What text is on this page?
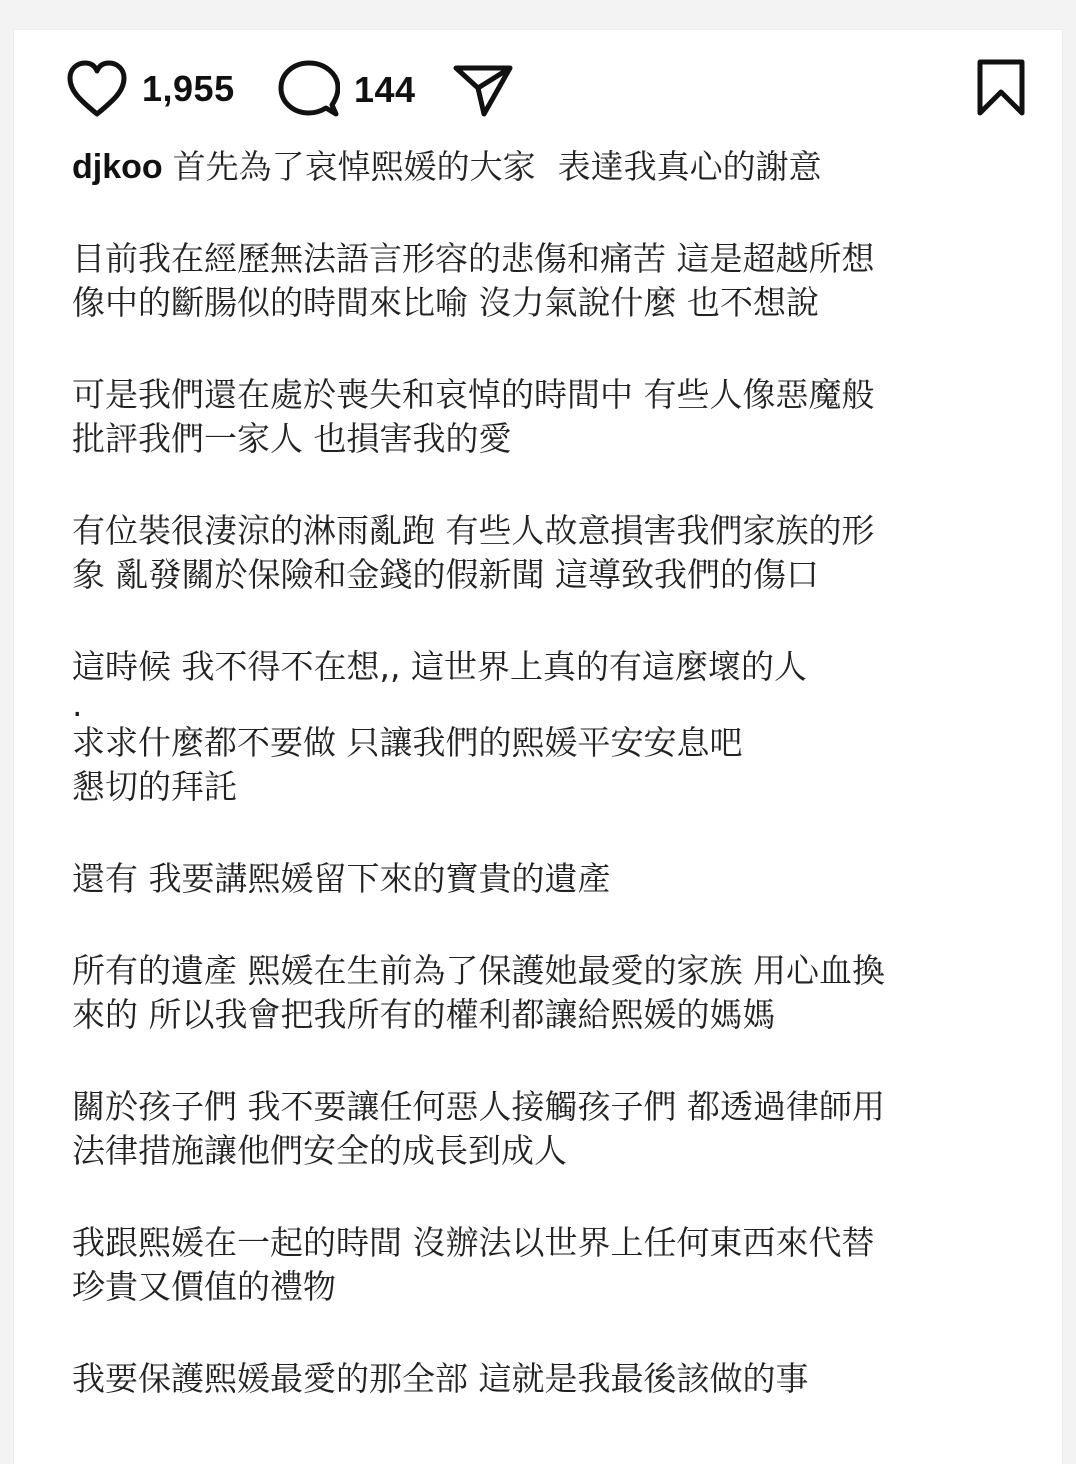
1,955	144

djkoo 首先為了哀悼熙媛的大家 表達我真心的謝意

目前我在經歷無法語言形容的悲傷和痛苦 這是超越所想
像中的斷腸似的時間來比喻 沒力氣說什麼 也不想說

可是我們還在處於喪失和哀悼的時間中 有些人像惡魔般
批評我們一家人 也損害我的愛

有位裝很淒涼的淋雨亂跑 有些人故意損害我們家族的形
象 亂發關於保險和金錢的假新聞 這導致我們的傷口

這時候 我不得不在想,, 這世界上真的有這麼壞的人
.

求求什麼都不要做 只讓我們的熙媛平安安息吧
懇切的拜託

還有 我要講熙媛留下來的寶貴的遺產

所有的遺產 熙媛在生前為了保護她最愛的家族 用心血換
來的 所以我會把我所有的權利都讓給熙媛的媽媽

關於孩子們 我不要讓任何惡人接觸孩子們 都透過律師用
法律措施讓他們安全的成長到成人

我跟熙媛在一起的時間 沒辦法以世界上任何東西來代替
珍貴又價值的禮物

我要保護熙媛最愛的那全部 這就是我最後該做的事
